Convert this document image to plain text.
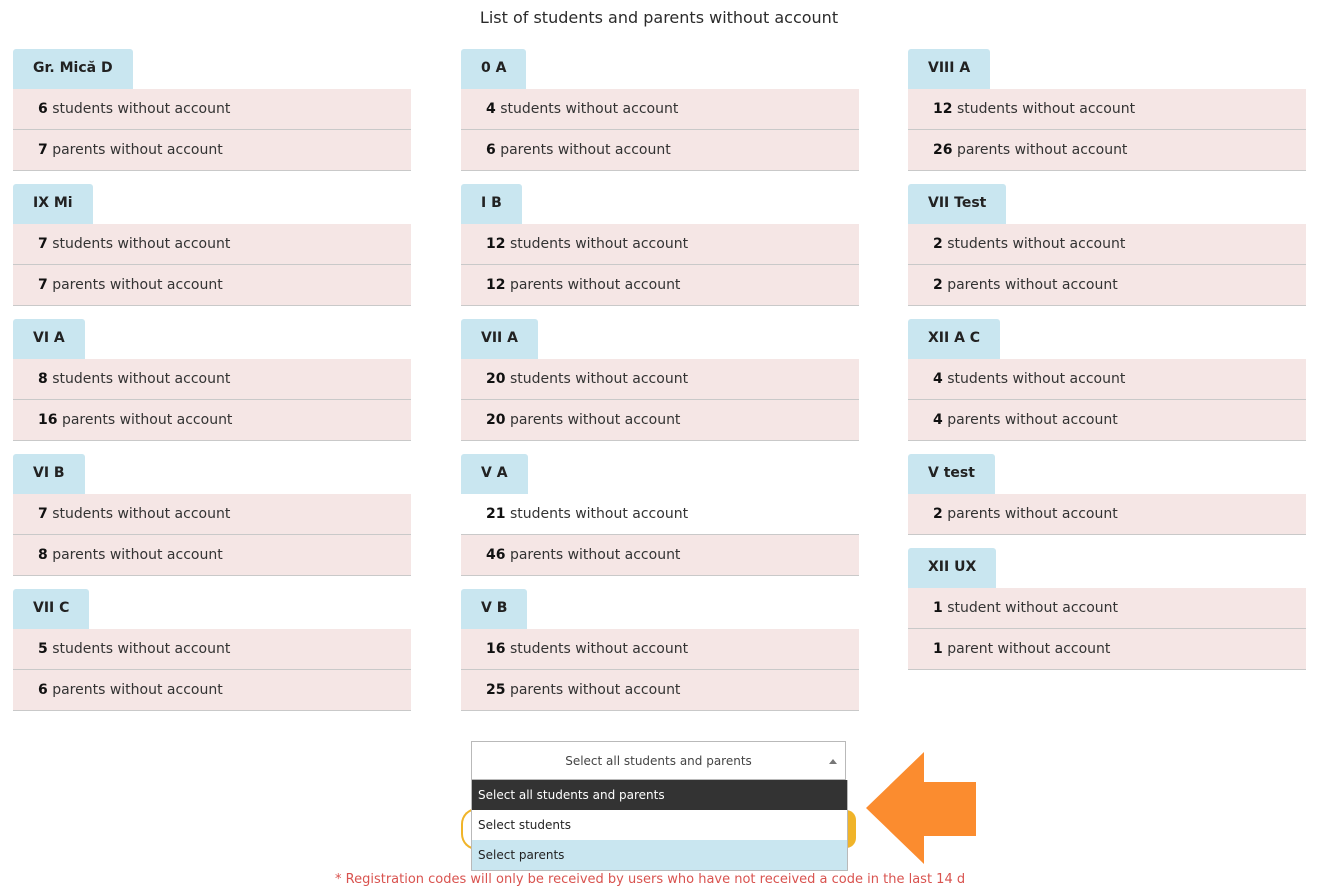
List of students and parents without account
Gr. Mică D
6 students without account
7 parents without account
IX Mi
7 students without account
7 parents without account
VI A
8 students without account
16 parents without account
VI B
7 students without account
8 parents without account
VII C
5 students without account
6 parents without account
0 A
4 students without account
6 parents without account
I B
12 students without account
12 parents without account
VII A
20 students without account
20 parents without account
V A
21 students without account
46 parents without account
V B
16 students without account
25 parents without account
VIII A
12 students without account
26 parents without account
VII Test
2 students without account
2 parents without account
XII A C
4 students without account
4 parents without account
V test
2 parents without account
XII UX
1 student without account
1 parent without account
Select all students and parents
Select all students and parents
Select students
Select parents
* Registration codes will only be received by users who have not received a code in the last 14 d
